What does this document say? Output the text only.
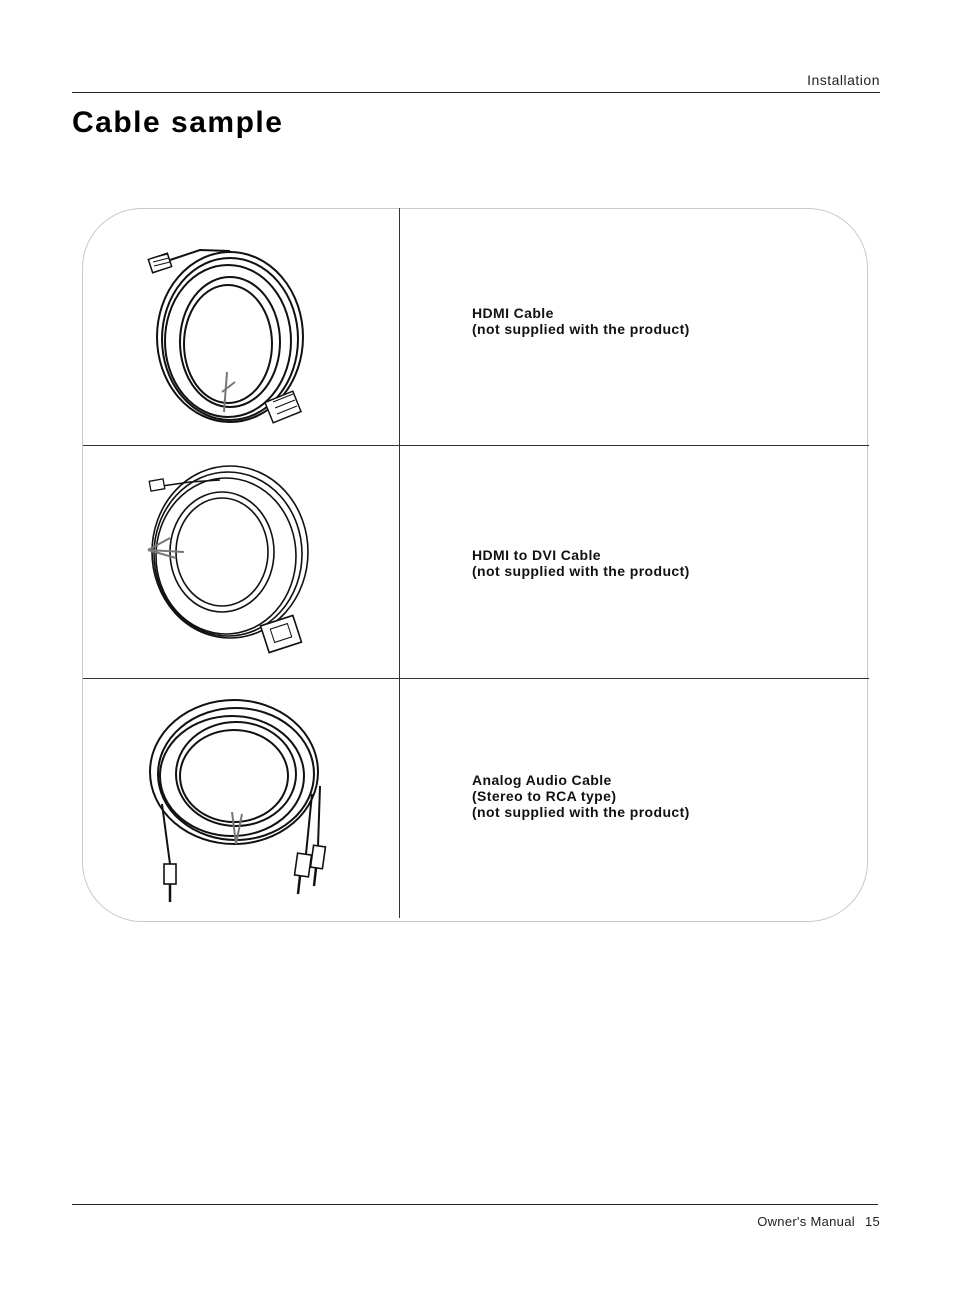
Installation
Cable sample
HDMI Cable
(not supplied with the product)
HDMI to DVI Cable
(not supplied with the product)
Analog Audio Cable
(Stereo to RCA type)
(not supplied with the product)
Owner's Manual 15
